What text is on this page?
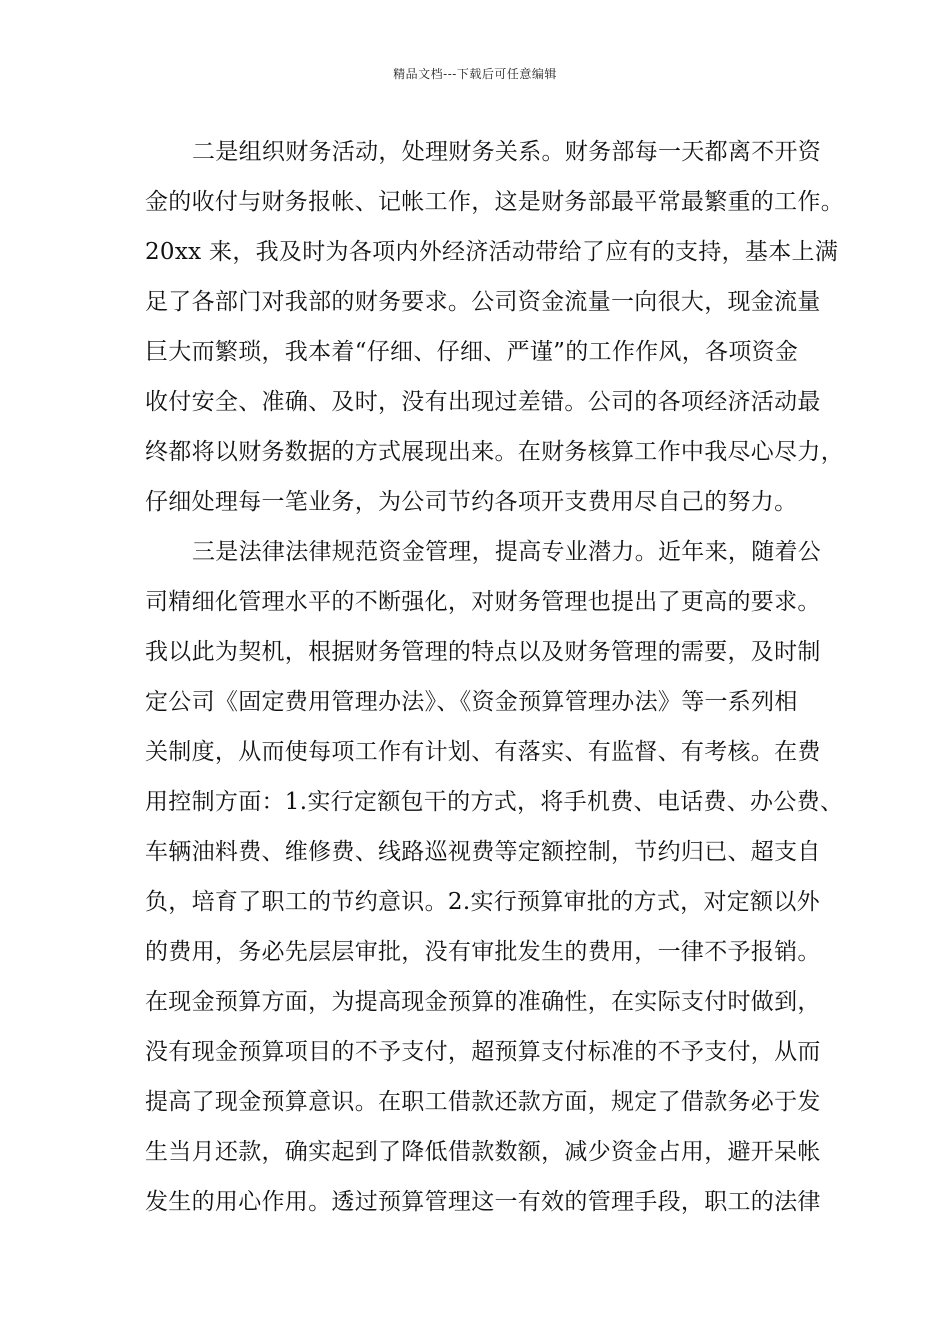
精品文档---下载后可任意编辑
二是组织财务活动，处理财务关系。财务部每一天都离不开资
金的收付与财务报帐、记帐工作，这是财务部最平常最繁重的工作。
20xx 来，我及时为各项内外经济活动带给了应有的支持，基本上满
足了各部门对我部的财务要求。公司资金流量一向很大，现金流量
巨大而繁琐，我本着“仔细、仔细、严谨”的工作作风，各项资金
收付安全、准确、及时，没有出现过差错。公司的各项经济活动最
终都将以财务数据的方式展现出来。在财务核算工作中我尽心尽力，
仔细处理每一笔业务，为公司节约各项开支费用尽自己的努力。
三是法律法律规范资金管理，提高专业潜力。近年来，随着公
司精细化管理水平的不断强化，对财务管理也提出了更高的要求。
我以此为契机，根据财务管理的特点以及财务管理的需要，及时制
定公司《固定费用管理办法》、《资金预算管理办法》等一系列相
关制度，从而使每项工作有计划、有落实、有监督、有考核。在费
用控制方面：1.实行定额包干的方式，将手机费、电话费、办公费、
车辆油料费、维修费、线路巡视费等定额控制，节约归已、超支自
负，培育了职工的节约意识。2.实行预算审批的方式，对定额以外
的费用，务必先层层审批，没有审批发生的费用，一律不予报销。
在现金预算方面，为提高现金预算的准确性，在实际支付时做到，
没有现金预算项目的不予支付，超预算支付标准的不予支付，从而
提高了现金预算意识。在职工借款还款方面，规定了借款务必于发
生当月还款，确实起到了降低借款数额，减少资金占用，避开呆帐
发生的用心作用。透过预算管理这一有效的管理手段，职工的法律
